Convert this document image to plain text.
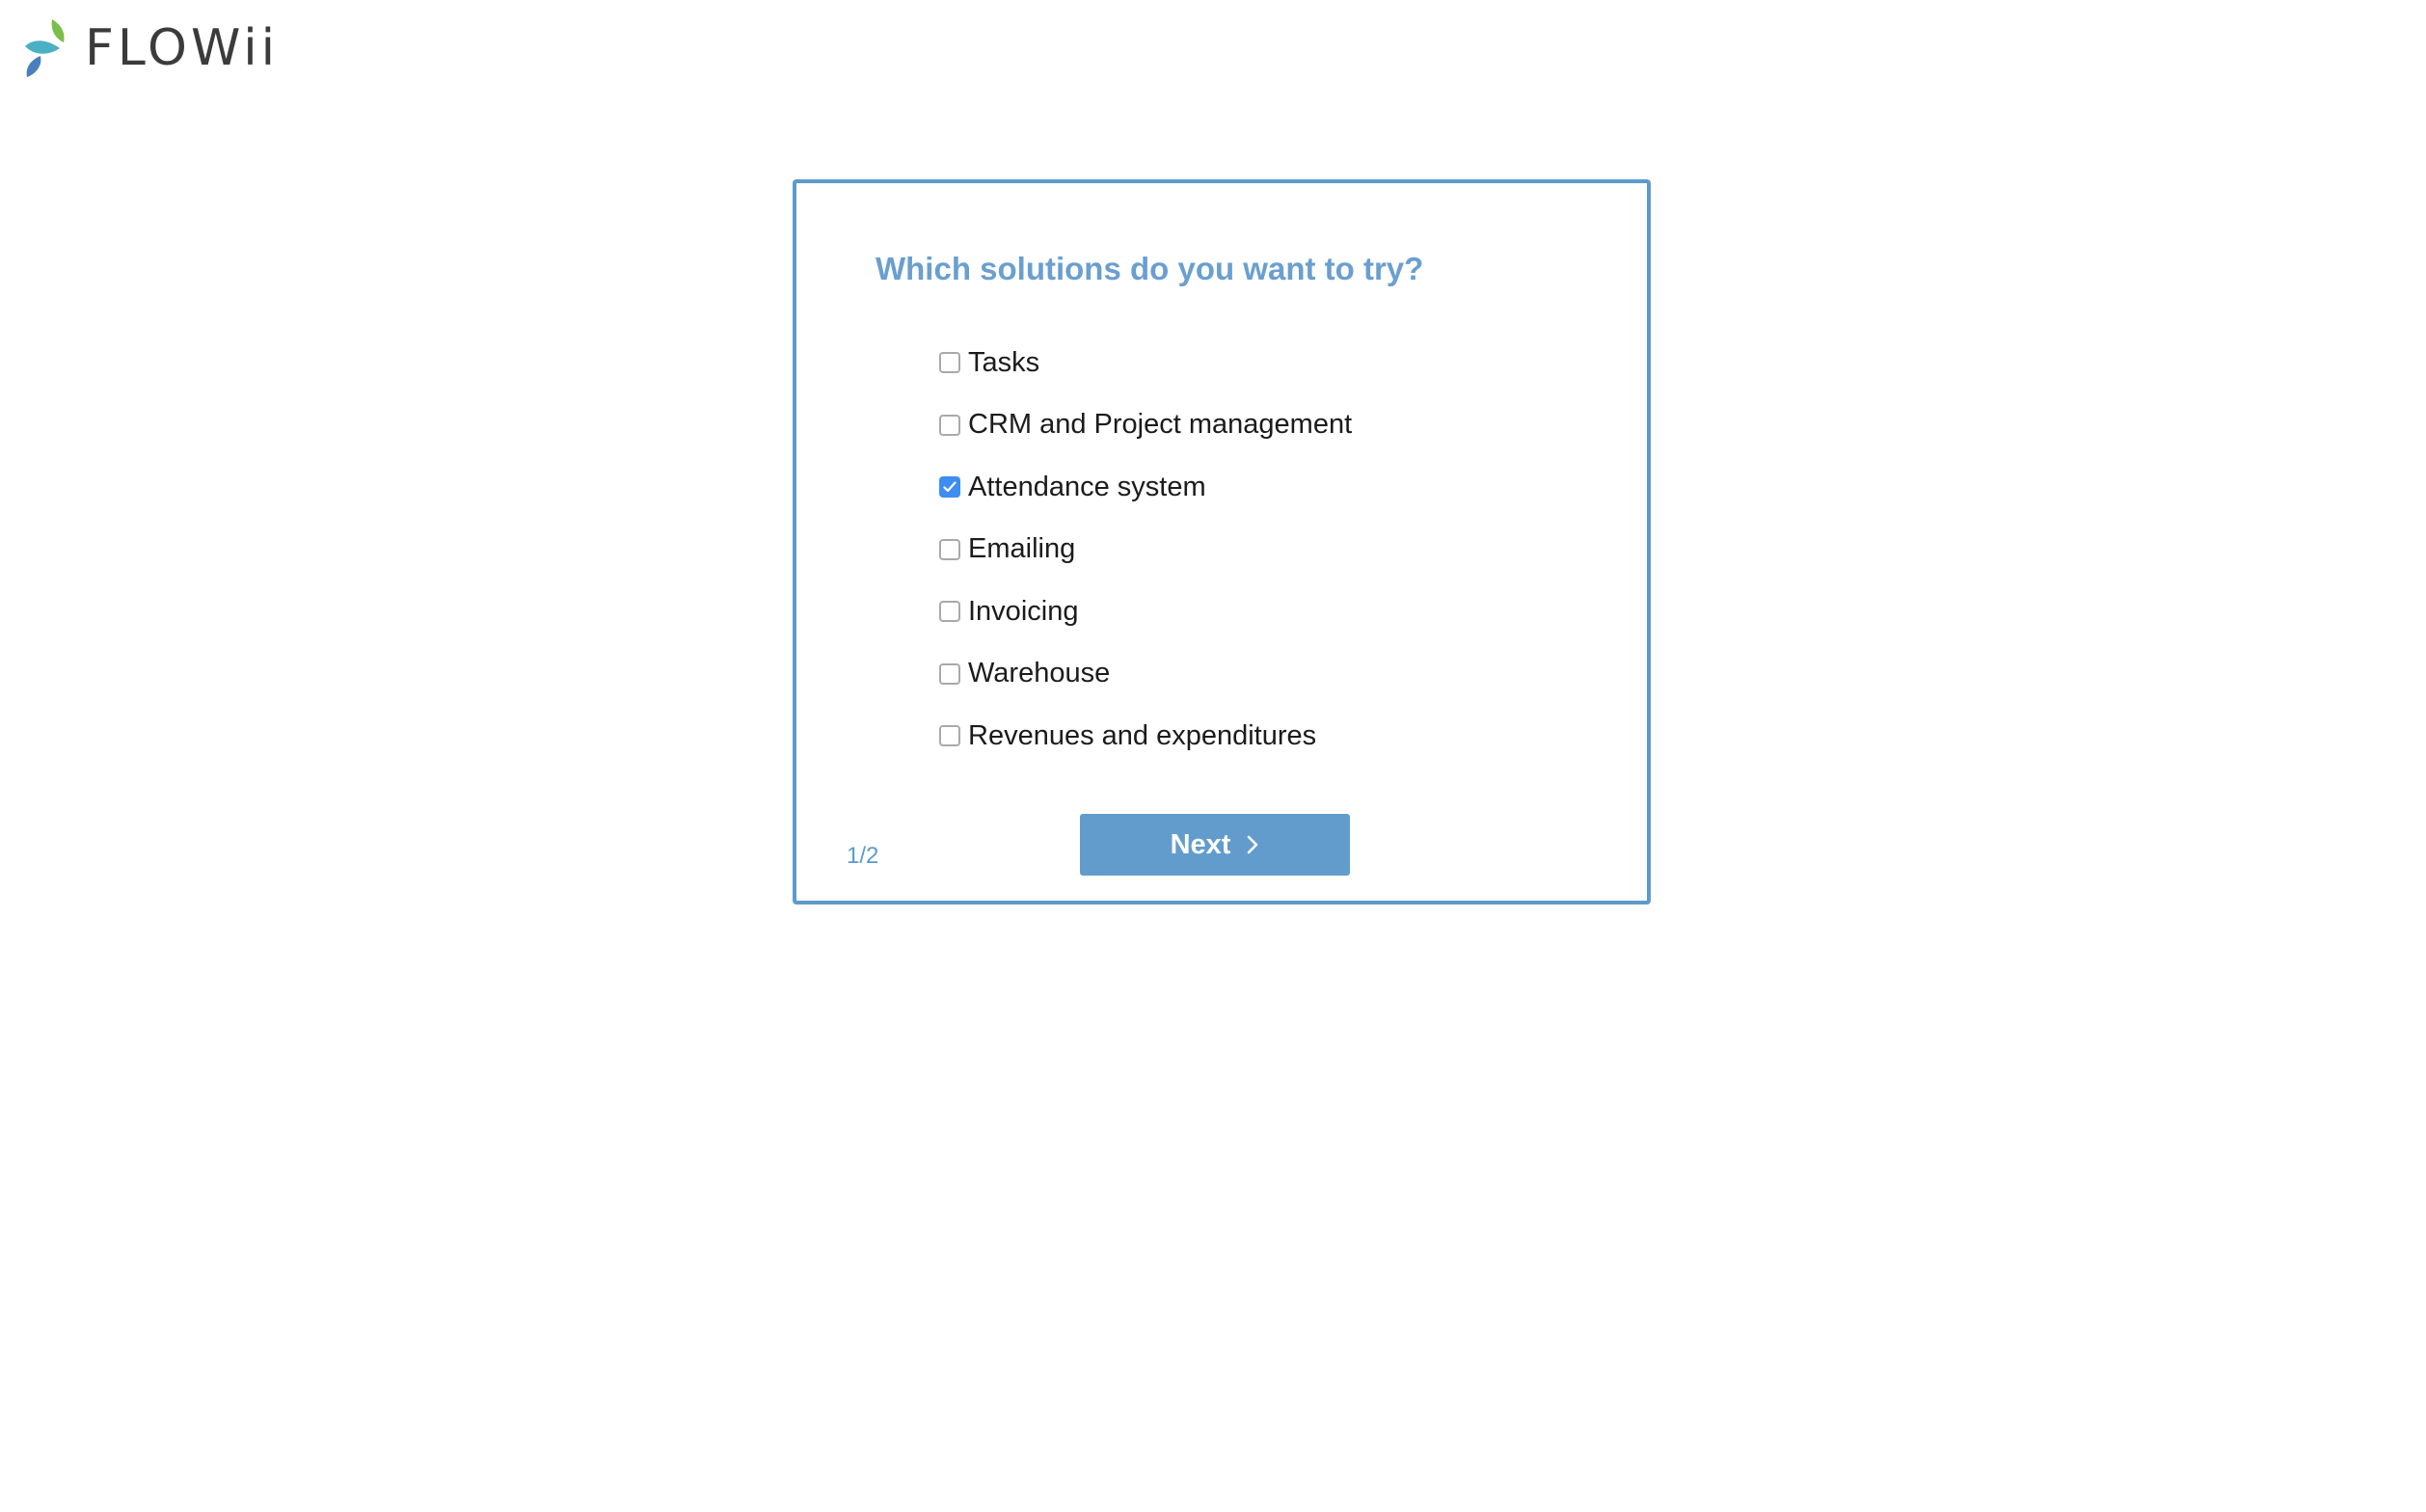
FLOWii
Which solutions do you want to try?
Tasks
CRM and Project management
Attendance system
Emailing
Invoicing
Warehouse
Revenues and expenditures
1/2	Next
